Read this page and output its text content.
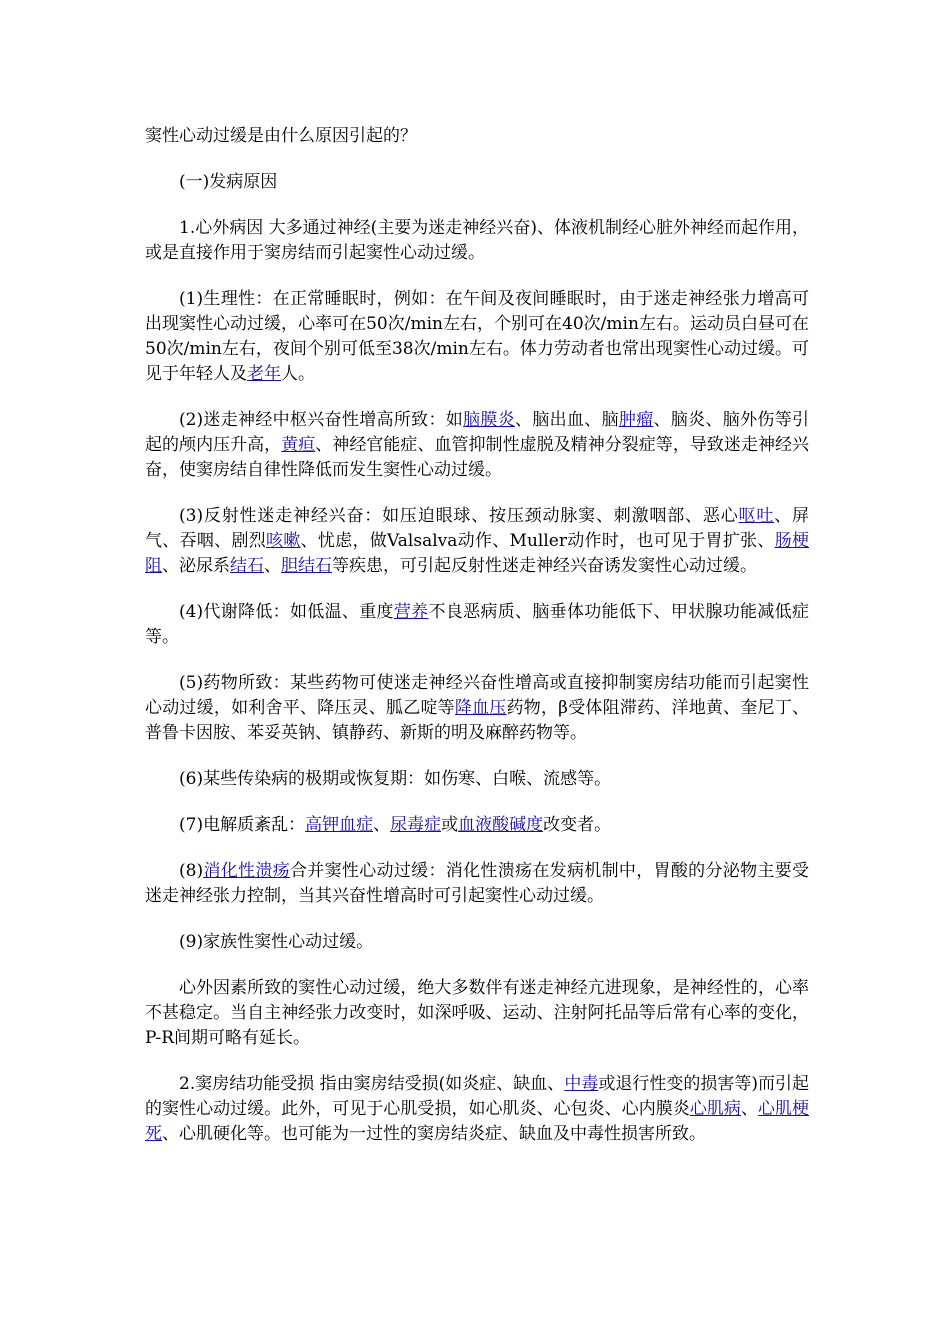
窦性心动过缓是由什么原因引起的？

(一)发病原因

1.心外病因 大多通过神经(主要为迷走神经兴奋)、体液机制经心脏外神经而起作用，或是直接作用于窦房结而引起窦性心动过缓。

(1)生理性：在正常睡眠时，例如：在午间及夜间睡眠时，由于迷走神经张力增高可出现窦性心动过缓，心率可在50次/min左右，个别可在40次/min左右。运动员白昼可在50次/min左右，夜间个别可低至38次/min左右。体力劳动者也常出现窦性心动过缓。可见于年轻人及老年人。

(2)迷走神经中枢兴奋性增高所致：如脑膜炎、脑出血、脑肿瘤、脑炎、脑外伤等引起的颅内压升高，黄疸、神经官能症、血管抑制性虚脱及精神分裂症等，导致迷走神经兴奋，使窦房结自律性降低而发生窦性心动过缓。

(3)反射性迷走神经兴奋：如压迫眼球、按压颈动脉窦、刺激咽部、恶心呕吐、屏气、吞咽、剧烈咳嗽、忧虑，做Valsalva动作、Muller动作时，也可见于胃扩张、肠梗阻、泌尿系结石、胆结石等疾患，可引起反射性迷走神经兴奋诱发窦性心动过缓。

(4)代谢降低：如低温、重度营养不良恶病质、脑垂体功能低下、甲状腺功能减低症等。

(5)药物所致：某些药物可使迷走神经兴奋性增高或直接抑制窦房结功能而引起窦性心动过缓，如利舍平、降压灵、胍乙啶等降血压药物，β受体阻滞药、洋地黄、奎尼丁、普鲁卡因胺、苯妥英钠、镇静药、新斯的明及麻醉药物等。

(6)某些传染病的极期或恢复期：如伤寒、白喉、流感等。

(7)电解质紊乱：高钾血症、尿毒症或血液酸碱度改变者。

(8)消化性溃疡合并窦性心动过缓：消化性溃疡在发病机制中，胃酸的分泌物主要受迷走神经张力控制，当其兴奋性增高时可引起窦性心动过缓。

(9)家族性窦性心动过缓。

心外因素所致的窦性心动过缓，绝大多数伴有迷走神经亢进现象，是神经性的，心率不甚稳定。当自主神经张力改变时，如深呼吸、运动、注射阿托品等后常有心率的变化，P-R间期可略有延长。

2.窦房结功能受损 指由窦房结受损(如炎症、缺血、中毒或退行性变的损害等)而引起的窦性心动过缓。此外，可见于心肌受损，如心肌炎、心包炎、心内膜炎心肌病、心肌梗死、心肌硬化等。也可能为一过性的窦房结炎症、缺血及中毒性损害所致。
